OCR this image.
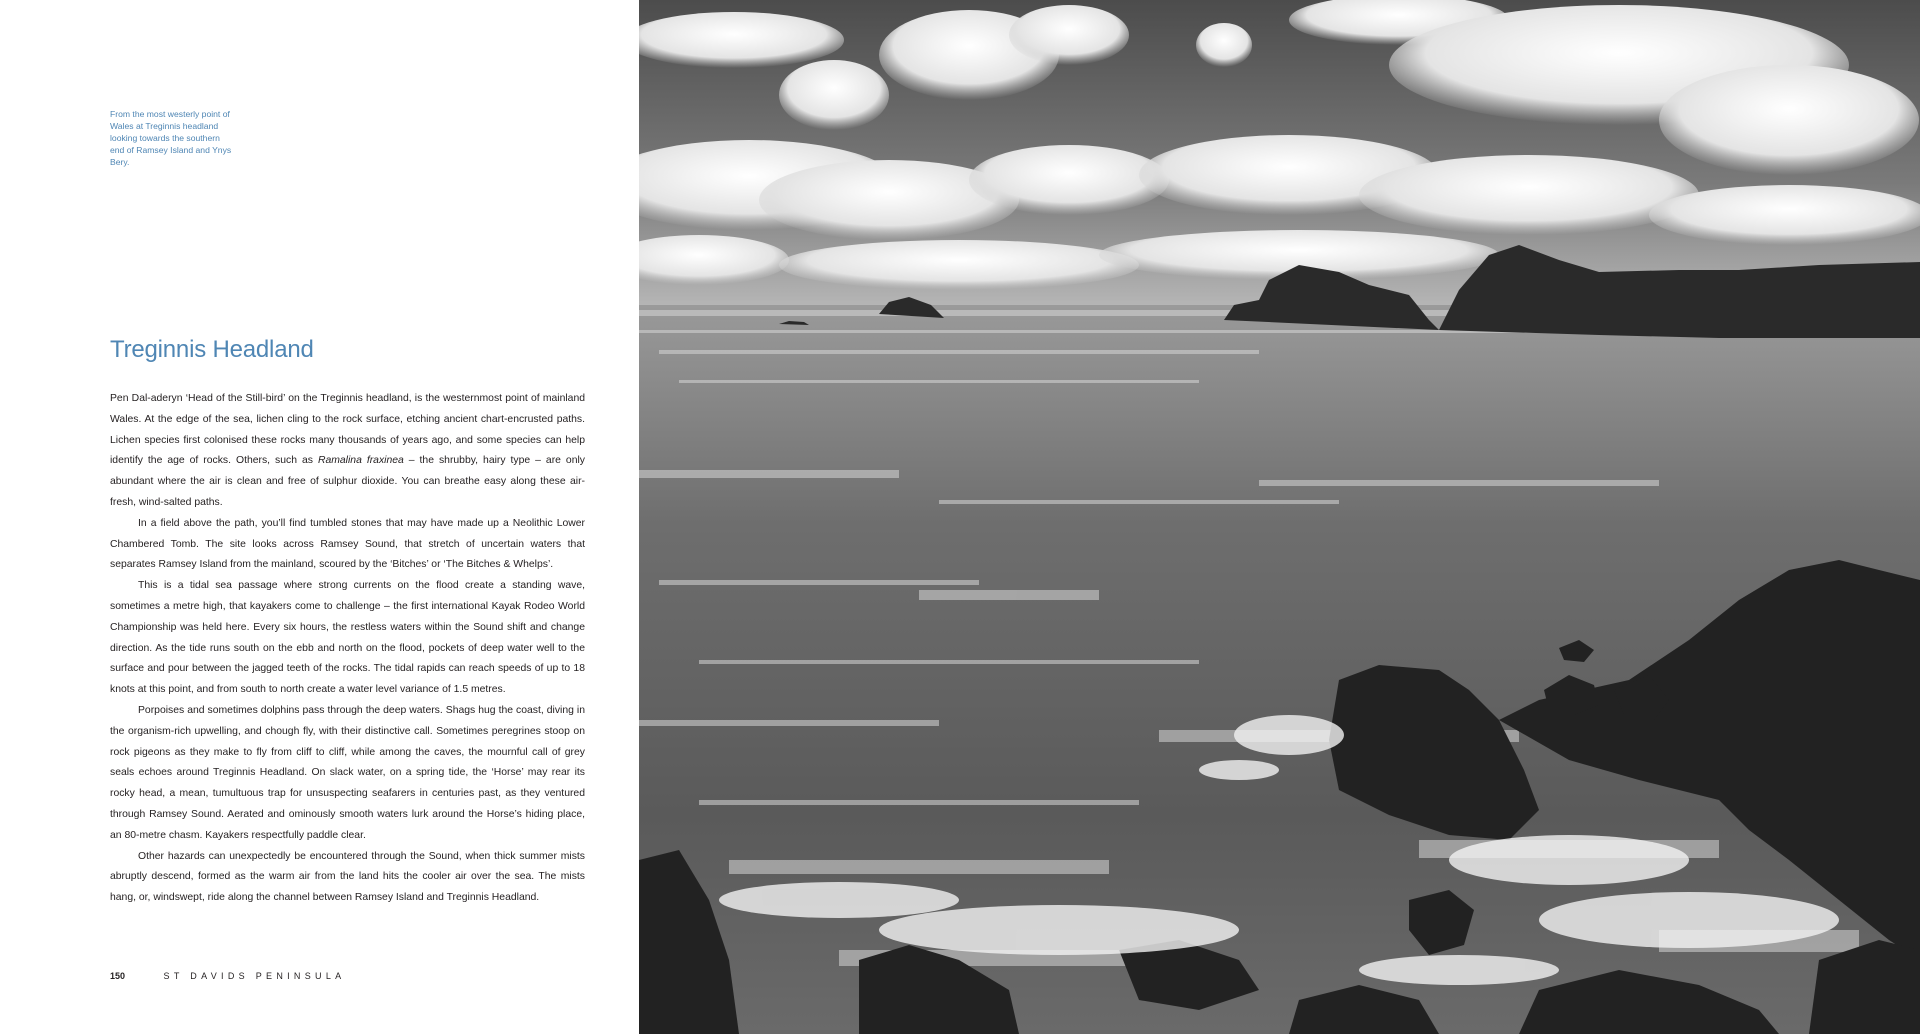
From the most westerly point of Wales at Treginnis headland looking towards the southern end of Ramsey Island and Ynys Bery.
Treginnis Headland

Pen Dal-aderyn ‘Head of the Still-bird’ on the Treginnis headland, is the westernmost point of mainland Wales. At the edge of the sea, lichen cling to the rock surface, etching ancient chart-encrusted paths. Lichen species first colonised these rocks many thousands of years ago, and some species can help identify the age of rocks. Others, such as Ramalina fraxinea – the shrubby, hairy type – are only abundant where the air is clean and free of sulphur dioxide. You can breathe easy along these air-fresh, wind-salted paths.

In a field above the path, you’ll find tumbled stones that may have made up a Neolithic Lower Chambered Tomb. The site looks across Ramsey Sound, that stretch of uncertain waters that separates Ramsey Island from the mainland, scoured by the ‘Bitches’ or ‘The Bitches & Whelps’.

This is a tidal sea passage where strong currents on the flood create a standing wave, sometimes a metre high, that kayakers come to challenge – the first international Kayak Rodeo World Championship was held here. Every six hours, the restless waters within the Sound shift and change direction. As the tide runs south on the ebb and north on the flood, pockets of deep water well to the surface and pour between the jagged teeth of the rocks. The tidal rapids can reach speeds of up to 18 knots at this point, and from south to north create a water level variance of 1.5 metres.

Porpoises and sometimes dolphins pass through the deep waters. Shags hug the coast, diving in the organism-rich upwelling, and chough fly, with their distinctive call. Sometimes peregrines stoop on rock pigeons as they make to fly from cliff to cliff, while among the caves, the mournful call of grey seals echoes around Treginnis Headland. On slack water, on a spring tide, the ‘Horse’ may rear its rocky head, a mean, tumultuous trap for unsuspecting seafarers in centuries past, as they ventured through Ramsey Sound. Aerated and ominously smooth waters lurk around the Horse’s hiding place, an 80-metre chasm. Kayakers respectfully paddle clear.

Other hazards can unexpectedly be encountered through the Sound, when thick summer mists abruptly descend, formed as the warm air from the land hits the cooler air over the sea. The mists hang, or, windswept, ride along the channel between Ramsey Island and Treginnis Headland.

150	ST DAVIDS PENINSULA
